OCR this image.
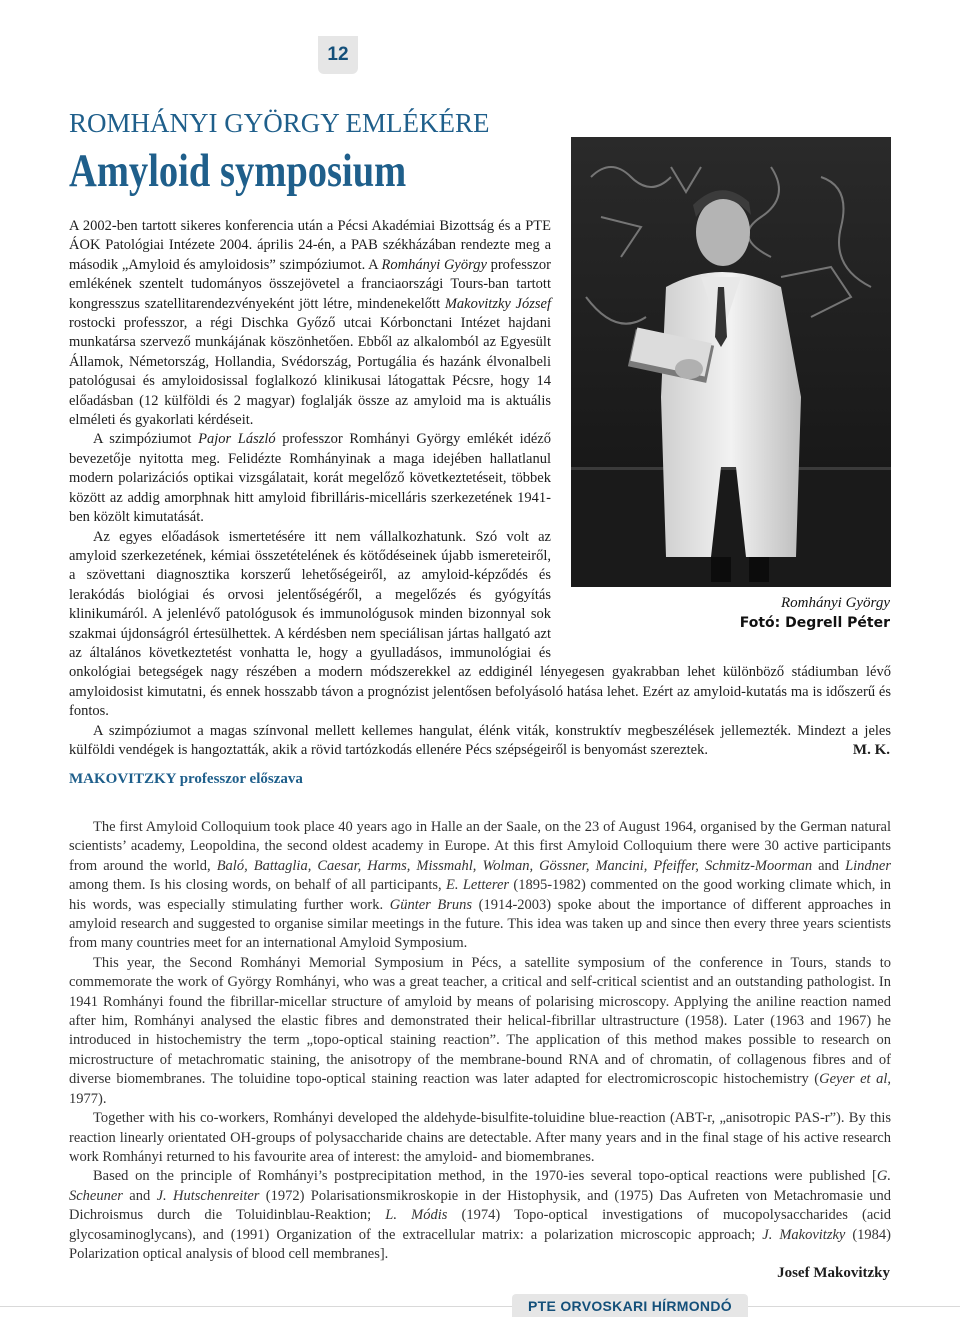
12
ROMHÁNYI GYÖRGY EMLÉKÉRE
Amyloid symposium
Romhányi György
Fotó: Degrell Péter

A 2002-ben tartott sikeres konferencia után a Pécsi Akadémiai Bizottság és a PTE ÁOK Patológiai Intézete 2004. április 24-én, a PAB székházában rendezte meg a második „Amyloid és amyloidosis” szimpóziumot. A Romhányi György professzor emlékének szentelt tudományos összejövetel a franciaországi Tours-ban tartott kongresszus szatellitarendezvényeként jött létre, mindenekelőtt Makovitzky József rostocki professzor, a régi Dischka Győző utcai Kórbonctani Intézet hajdani munkatársa szervező munkájának köszönhetően. Ebből az alkalomból az Egyesült Államok, Németország, Hollandia, Svédország, Portugália és hazánk élvonalbeli patológusai és amyloidosissal foglalkozó klinikusai látogattak Pécsre, hogy 14 előadásban (12 külföldi és 2 magyar) foglalják össze az amyloid ma is aktuális elméleti és gyakorlati kérdéseit.

A szimpóziumot Pajor László professzor Romhányi György emlékét idéző bevezetője nyitotta meg. Felidézte Romhányinak a maga idejében hallatlanul modern polarizációs optikai vizsgálatait, korát megelőző következtetéseit, többek között az addig amorphnak hitt amyloid fibrilláris-micelláris szerkezetének 1941-ben közölt kimutatását.

Az egyes előadások ismertetésére itt nem vállalkozhatunk. Szó volt az amyloid szerkezetének, kémiai összetételének és kötődéseinek újabb ismereteiről, a szövettani diagnosztika korszerű lehetőségeiről, az amyloid-képződés és lerakódás biológiai és orvosi jelentőségéről, a megelőzés és gyógyítás klinikumáról. A jelenlévő patológusok és immunológusok minden bizonnyal sok szakmai újdonságról értesülhettek. A kérdésben nem speciálisan jártas hallgató azt az általános következtetést vonhatta le, hogy a gyulladásos, immunológiai és onkológiai betegségek nagy részében a modern módszerekkel az eddiginél lényegesen gyakrabban lehet különböző stádiumban lévő amyloidosist kimutatni, és ennek hosszabb távon a prognózist jelentősen befolyásoló hatása lehet. Ezért az amyloid-kutatás ma is időszerű és fontos.

A szimpóziumot a magas színvonal mellett kellemes hangulat, élénk viták, konstruktív megbeszélések jellemezték. Mindezt a jeles külföldi vendégek is hangoztatták, akik a rövid tartózkodás ellenére Pécs szépségeiről is benyomást szereztek.	M. K.

MAKOVITZKY professzor előszava

The first Amyloid Colloquium took place 40 years ago in Halle an der Saale, on the 23 of August 1964, organised by the German natural scientists’ academy, Leopoldina, the second oldest academy in Europe. At this first Amyloid Colloquium there were 30 active participants from around the world, Baló, Battaglia, Caesar, Harms, Missmahl, Wolman, Gössner, Mancini, Pfeiffer, Schmitz-Moorman and Lindner among them. Is his closing words, on behalf of all participants, E. Letterer (1895-1982) commented on the good working climate which, in his words, was especially stimulating further work. Günter Bruns (1914-2003) spoke about the importance of different approaches in amyloid research and suggested to organise similar meetings in the future. This idea was taken up and since then every three years scientists from many countries meet for an international Amyloid Symposium.

This year, the Second Romhányi Memorial Symposium in Pécs, a satellite symposium of the conference in Tours, stands to commemorate the work of György Romhányi, who was a great teacher, a critical and self-critical scientist and an outstanding pathologist. In 1941 Romhányi found the fibrillar-micellar structure of amyloid by means of polarising microscopy. Applying the aniline reaction named after him, Romhányi analysed the elastic fibres and demonstrated their helical-fibrillar ultrastructure (1958). Later (1963 and 1967) he introduced in histochemistry the term „topo-optical staining reaction”. The application of this method makes possible to research on microstructure of metachromatic staining, the anisotropy of the membrane-bound RNA and of chromatin, of collagenous fibres and of diverse biomembranes. The toluidine topo-optical staining reaction was later adapted for electromicroscopic histochemistry (Geyer et al, 1977).

Together with his co-workers, Romhányi developed the aldehyde-bisulfite-toluidine blue-reaction (ABT-r, „anisotropic PAS-r”). By this reaction linearly orientated OH-groups of polysaccharide chains are detectable. After many years and in the final stage of his active research work Romhányi returned to his favourite area of interest: the amyloid- and biomembranes.

Based on the principle of Romhányi’s postprecipitation method, in the 1970-ies several topo-optical reactions were published [G. Scheuner and J. Hutschenreiter (1972) Polarisationsmikroskopie in der Histophysik, and (1975) Das Aufreten von Metachromasie und Dichroismus durch die Toluidinblau-Reaktion; L. Módis (1974) Topo-optical investigations of mucopolysaccharides (acid glycosaminoglycans), and (1991) Organization of the extracellular matrix: a polarization microscopic approach; J. Makovitzky (1984) Polarization optical analysis of blood cell membranes].

Josef Makovitzky

PTE ORVOSKARI HÍRMONDÓ
